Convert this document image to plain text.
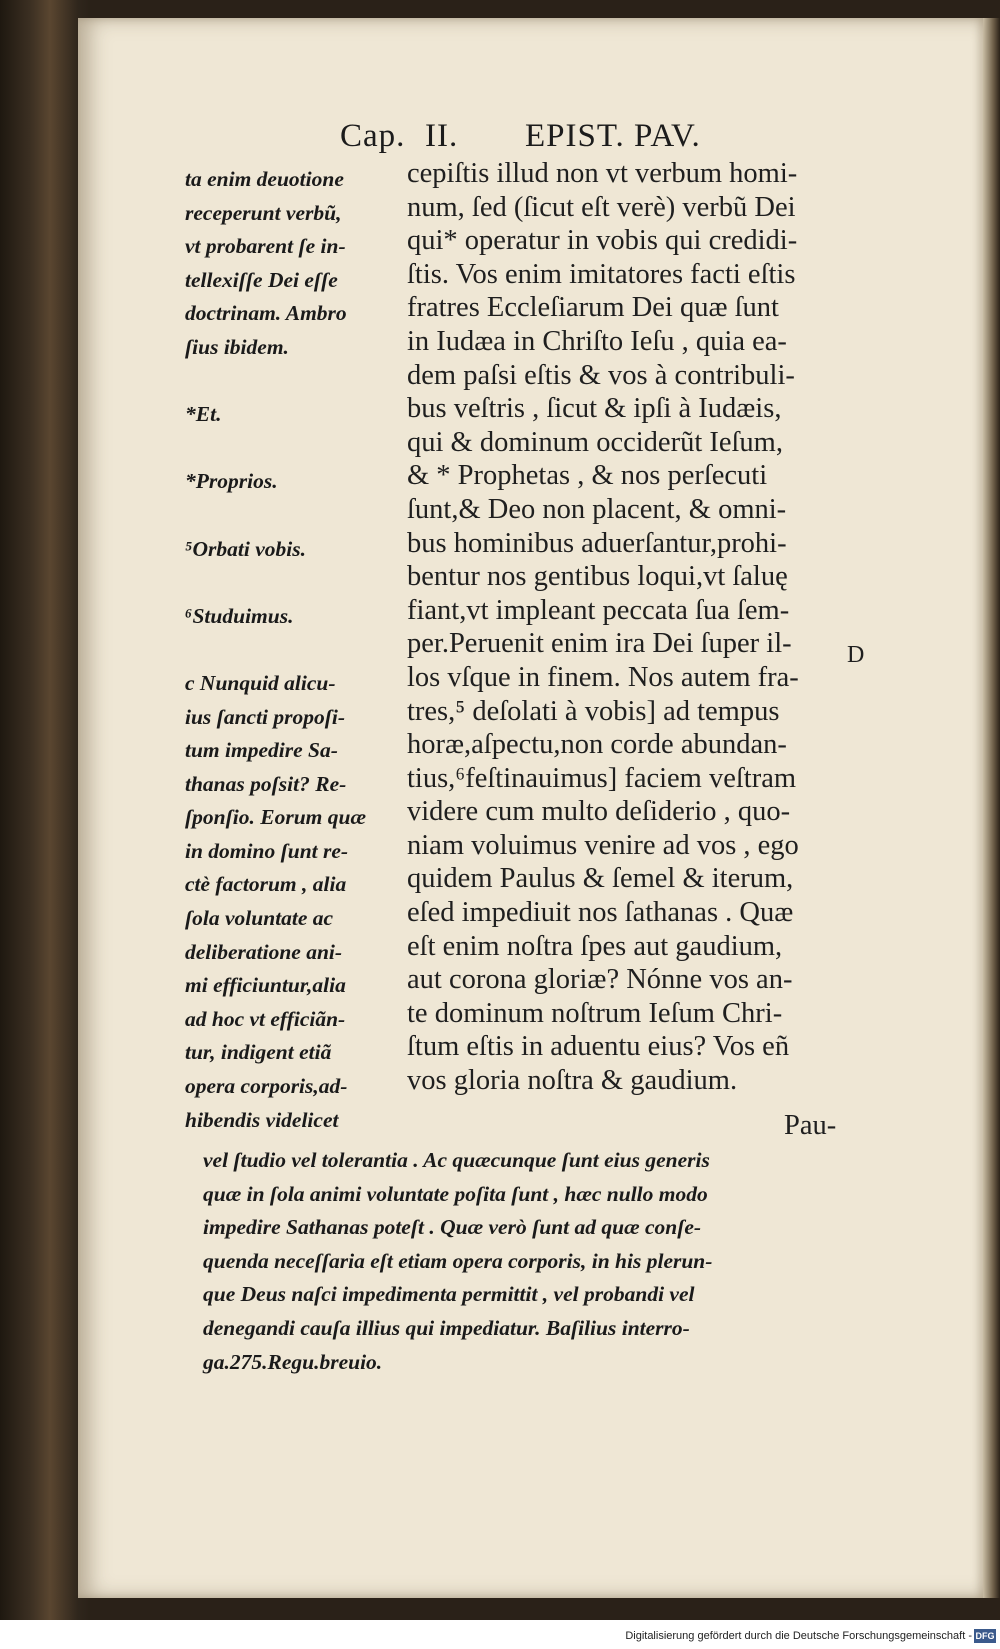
Cap. II. EPIST. PAV.
cepiſtis illud non vt verbum homi-
num, ſed (ſicut eſt verè) verbũ Dei
qui* operatur in vobis qui credidi-
ſtis. Vos enim imitatores facti eſtis
fratres Eccleſiarum Dei quæ ſunt
in Iudæa in Chriſto Ieſu , quia ea-
dem paſsi eſtis & vos à contribuli-
bus veſtris , ſicut & ipſi à Iudæis,
qui & dominum occiderũt Ieſum,
& * Prophetas , & nos perſecuti
ſunt,& Deo non placent, & omni-
bus hominibus aduerſantur,prohi-
bentur nos gentibus loqui,vt ſaluę
fiant,vt impleant peccata ſua ſem-
per.Peruenit enim ira Dei ſuper il-
los vſque in finem. Nos autem fra-
tres,⁵ deſolati à vobis] ad tempus
horæ,aſpectu,non corde abundan-
tius,⁶feſtinauimus] faciem veſtram
videre cum multo deſiderio , quo-
niam voluimus venire ad vos , ego
quidem Paulus & ſemel & iterum,
eſed impediuit nos ſathanas . Quæ
eſt enim noſtra ſpes aut gaudium,
aut corona gloriæ? Nónne vos an-
te dominum noſtrum Ieſum Chri-
ſtum eſtis in aduentu eius? Vos eñ
vos gloria noſtra & gaudium.
ta enim deuotione
receperunt verbũ,
vt probarent ſe in-
tellexiſſe Dei eſſe
doctrinam. Ambro
ſius ibidem.
*Et.
*Proprios.
⁵Orbati vobis.
⁶Studuimus.
c Nunquid alicu-
ius ſancti propoſi-
tum impedire Sa-
thanas poſsit? Re-
ſponſio. Eorum quæ
in domino ſunt re-
ctè factorum , alia
ſola voluntate ac
deliberatione ani-
mi efficiuntur,alia
ad hoc vt efficiãn-
tur, indigent etiã
opera corporis,ad-
hibendis videlicet
D
Pau-
vel ſtudio vel tolerantia . Ac quæcunque ſunt eius generis
quæ in ſola animi voluntate poſita ſunt , hæc nullo modo
impedire Sathanas poteſt . Quæ verò ſunt ad quæ conſe-
quenda neceſſaria eſt etiam opera corporis, in his plerun-
que Deus naſci impedimenta permittit , vel probandi vel
denegandi cauſa illius qui impediatur. Baſilius interro-
ga.275.Regu.breuio.
Digitalisierung gefördert durch die Deutsche Forschungsgemeinschaft - DFG
